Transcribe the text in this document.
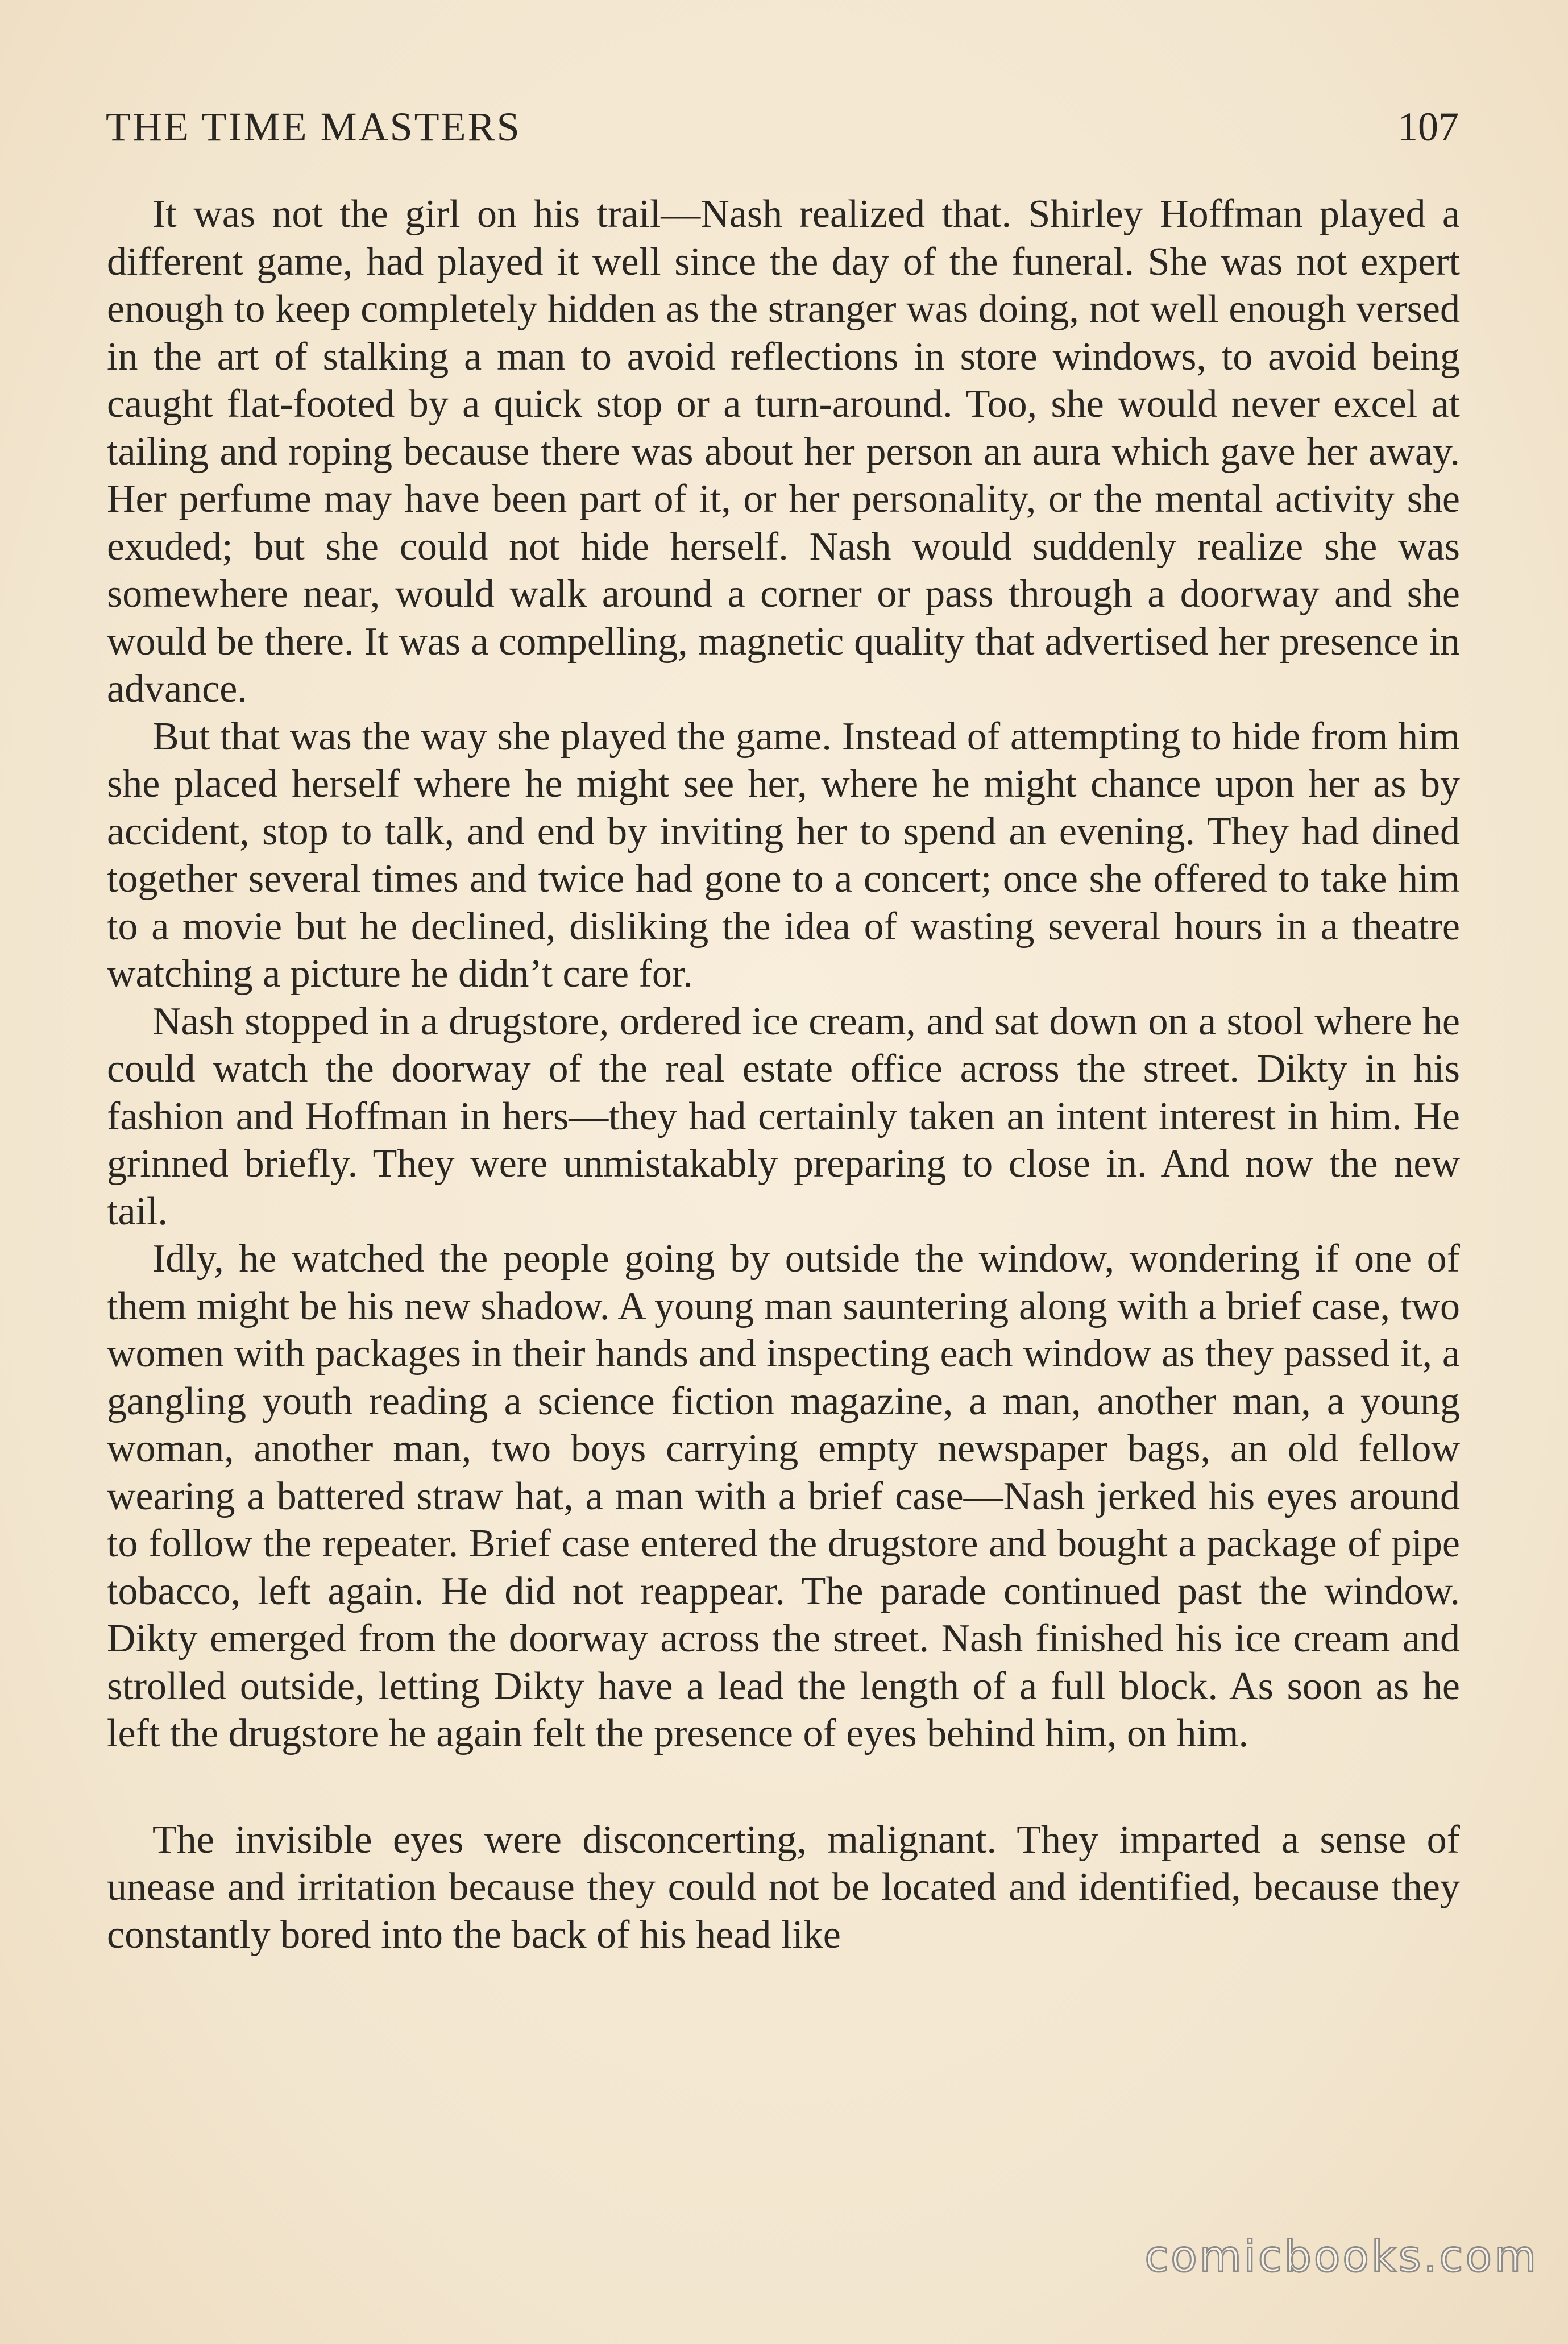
THE TIME MASTERS	107

It was not the girl on his trail—Nash realized that. Shirley Hoffman played a different game, had played it well since the day of the funeral. She was not expert enough to keep completely hidden as the stranger was doing, not well enough versed in the art of stalking a man to avoid reflections in store windows, to avoid being caught flat-footed by a quick stop or a turn-around. Too, she would never excel at tailing and roping because there was about her person an aura which gave her away. Her perfume may have been part of it, or her personality, or the mental activity she exuded; but she could not hide herself. Nash would suddenly realize she was somewhere near, would walk around a corner or pass through a doorway and she would be there. It was a compelling, magnetic quality that advertised her presence in advance.

But that was the way she played the game. Instead of attempting to hide from him she placed herself where he might see her, where he might chance upon her as by accident, stop to talk, and end by inviting her to spend an evening. They had dined together several times and twice had gone to a concert; once she offered to take him to a movie but he declined, disliking the idea of wasting several hours in a theatre watching a picture he didn’t care for.

Nash stopped in a drugstore, ordered ice cream, and sat down on a stool where he could watch the doorway of the real estate office across the street. Dikty in his fashion and Hoffman in hers—they had certainly taken an intent interest in him. He grinned briefly. They were unmistakably preparing to close in. And now the new tail.

Idly, he watched the people going by outside the window, wondering if one of them might be his new shadow. A young man sauntering along with a brief case, two women with packages in their hands and inspecting each window as they passed it, a gangling youth reading a science fiction magazine, a man, another man, a young woman, another man, two boys carrying empty newspaper bags, an old fellow wearing a battered straw hat, a man with a brief case—Nash jerked his eyes around to follow the repeater. Brief case entered the drugstore and bought a package of pipe tobacco, left again. He did not reappear. The parade continued past the window. Dikty emerged from the doorway across the street. Nash finished his ice cream and strolled outside, letting Dikty have a lead the length of a full block. As soon as he left the drugstore he again felt the presence of eyes behind him, on him.

The invisible eyes were disconcerting, malignant. They imparted a sense of unease and irritation because they could not be located and identified, because they constantly bored into the back of his head like

comicbooks.com
